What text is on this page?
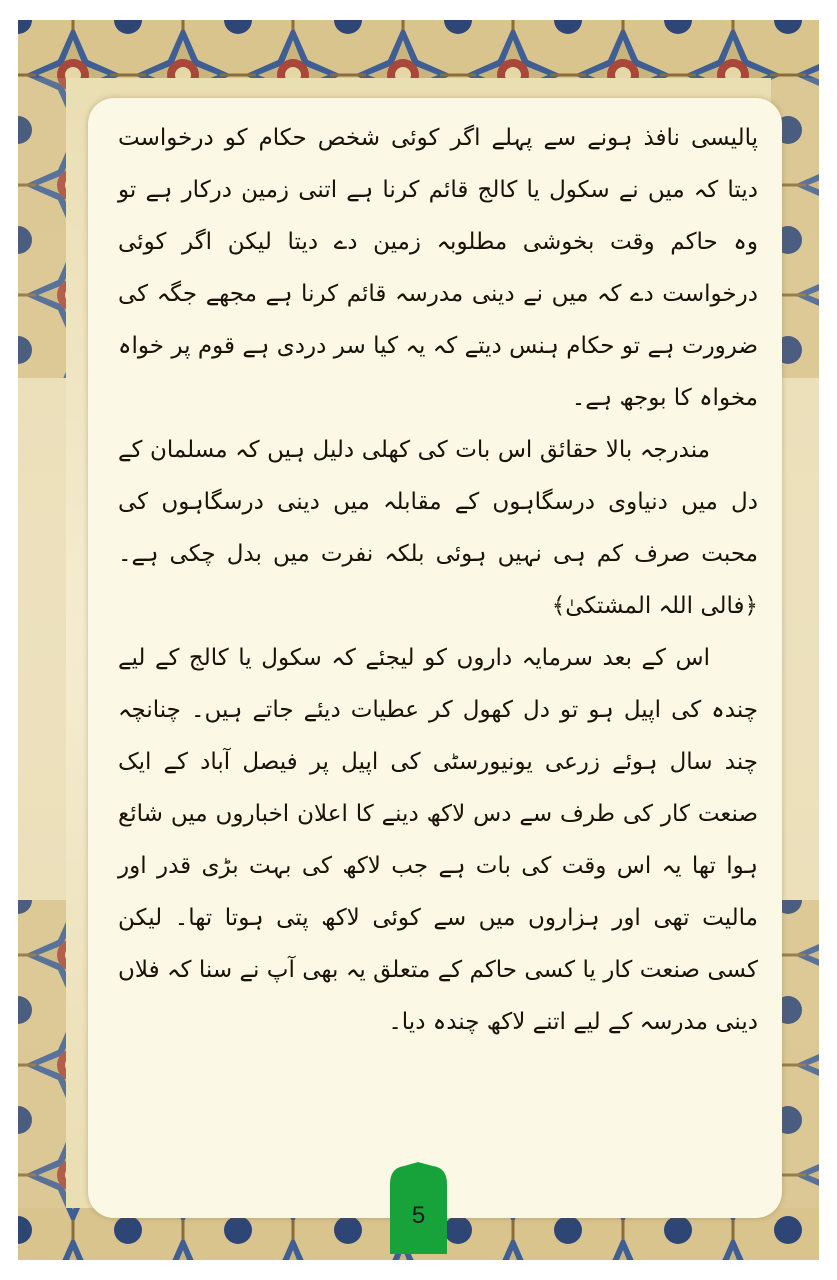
پالیسی نافذ ہونے سے پہلے اگر کوئی شخص حکام کو درخواست دیتا کہ میں نے سکول یا کالج قائم کرنا ہے اتنی زمین درکار ہے تو وہ حاکم وقت بخوشی مطلوبہ زمین دے دیتا لیکن اگر کوئی درخواست دے کہ میں نے دینی مدرسہ قائم کرنا ہے مجھے جگہ کی ضرورت ہے تو حکام ہنس دیتے کہ یہ کیا سر دردی ہے قوم پر خواہ مخواہ کا بوجھ ہے۔

مندرجہ بالا حقائق اس بات کی کھلی دلیل ہیں کہ مسلمان کے دل میں دنیاوی درسگاہوں کے مقابلہ میں دینی درسگاہوں کی محبت صرف کم ہی نہیں ہوئی بلکہ نفرت میں بدل چکی ہے۔ ﴿فالی اللہ المشتکیٰ﴾

اس کے بعد سرمایہ داروں کو لیجئے کہ سکول یا کالج کے لیے چندہ کی اپیل ہو تو دل کھول کر عطیات دیئے جاتے ہیں۔ چنانچہ چند سال ہوئے زرعی یونیورسٹی کی اپیل پر فیصل آباد کے ایک صنعت کار کی طرف سے دس لاکھ دینے کا اعلان اخباروں میں شائع ہوا تھا یہ اس وقت کی بات ہے جب لاکھ کی بہت بڑی قدر اور مالیت تھی اور ہزاروں میں سے کوئی لاکھ پتی ہوتا تھا۔ لیکن کسی صنعت کار یا کسی حاکم کے متعلق یہ بھی آپ نے سنا کہ فلاں دینی مدرسہ کے لیے اتنے لاکھ چندہ دیا۔

5
